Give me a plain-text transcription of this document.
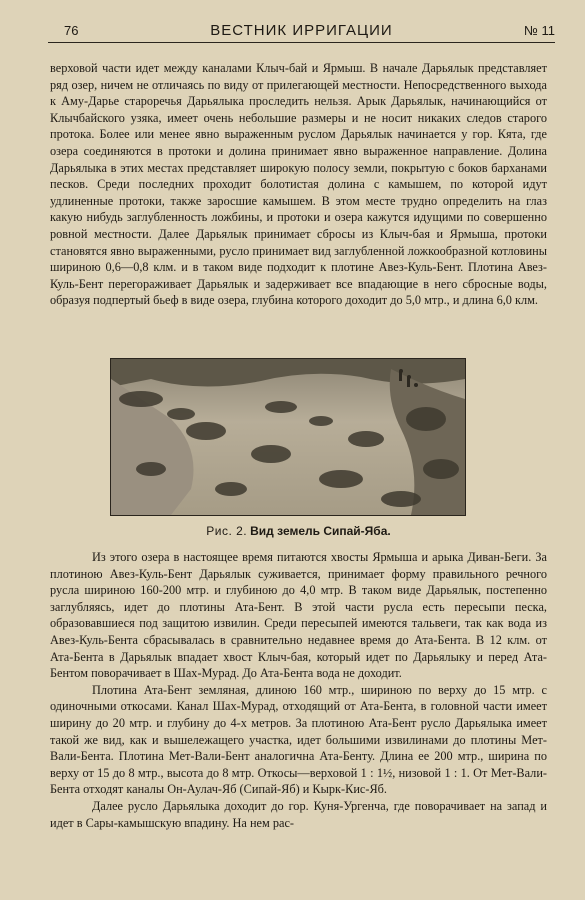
76	ВЕСТНИК ИРРИГАЦИИ	№ 11

верховой части идет между каналами Клыч-бай и Ярмыш. В начале Дарьялык представляет ряд озер, ничем не отличаясь по виду от прилегающей местности. Непосредственного выхода к Аму-Дарье староречья Дарьялыка проследить нельзя. Арык Дарьялык, начинающийся от Клычбайского узяка, имеет очень небольшие размеры и не носит никаких следов старого протока. Более или менее явно выраженным руслом Дарьялык начинается у гор. Кята, где озера соединяются в протоки и долина принимает явно выраженное направление. Долина Дарьялыка в этих местах представляет широкую полосу земли, покрытую с боков барханами песков. Среди последних проходит болотистая долина с камышем, по которой идут удлиненные протоки, также заросшие камышем. В этом месте трудно определить на глаз какую нибудь заглубленность ложбины, и протоки и озера кажутся идущими по совершенно ровной местности. Далее Дарьялык принимает сбросы из Клыч-бая и Ярмыша, протоки становятся явно выраженными, русло принимает вид заглубленной ложкообразной котловины шириною 0,6—0,8 клм. и в таком виде подходит к плотине Авез-Куль-Бент. Плотина Авез-Куль-Бент перегораживает Дарьялык и задерживает все впадающие в него сбросные воды, образуя подпертый бьеф в виде озера, глубина которого доходит до 5,0 мтр., и длина 6,0 клм.

Рис. 2. Вид земель Сипай-Яба.

Из этого озера в настоящее время питаются хвосты Ярмыша и арыка Диван-Беги. За плотиною Авез-Куль-Бент Дарьялык суживается, принимает форму правильного речного русла шириною 160-200 мтр. и глубиною до 4,0 мтр. В таком виде Дарьялык, постепенно заглубляясь, идет до плотины Ата-Бент. В этой части русла есть пересыпи песка, образовавшиеся под защитою извилин. Среди пересыпей имеются тальвеги, так как вода из Авез-Куль-Бента сбрасывалась в сравнительно недавнее время до Ата-Бента. В 12 клм. от Ата-Бента в Дарьялык впадает хвост Клыч-бая, который идет по Дарьялыку и перед Ата-Бентом поворачивает в Шах-Мурад. До Ата-Бента вода не доходит.

Плотина Ата-Бент земляная, длиною 160 мтр., шириною по верху до 15 мтр. с одиночными откосами. Канал Шах-Мурад, отходящий от Ата-Бента, в головной части имеет ширину до 20 мтр. и глубину до 4-х метров. За плотиною Ата-Бент русло Дарьялыка имеет такой же вид, как и вышележащего участка, идет большими извилинами до плотины Мет-Вали-Бента. Плотина Мет-Вали-Бент аналогична Ата-Бенту. Длина ее 200 мтр., ширина по верху от 15 до 8 мтр., высота до 8 мтр. Откосы—верховой 1 : 1½, низовой 1 : 1. От Мет-Вали-Бента отходят каналы Он-Аулач-Яб (Сипай-Яб) и Кырк-Кис-Яб.

Далее русло Дарьялыка доходит до гор. Куня-Ургенча, где поворачивает на запад и идет в Сары-камышскую впадину. На нем рас-
